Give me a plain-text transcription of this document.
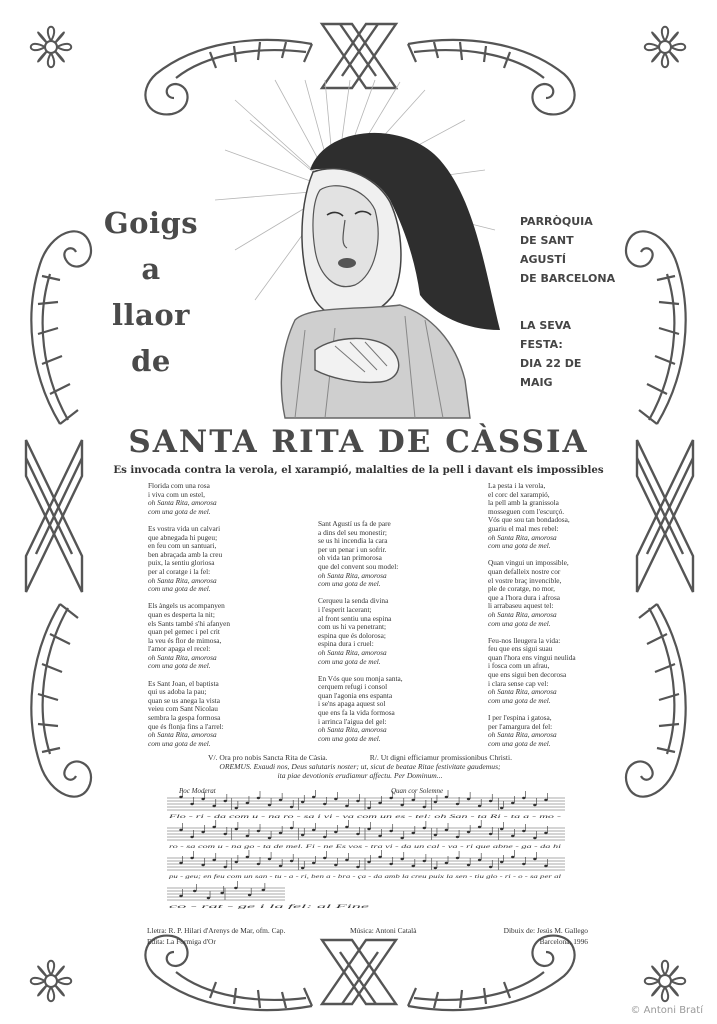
Goigs
a
llaor
de
PARRÒQUIA
DE SANT
AGUSTÍ
DE BARCELONA
LA SEVA FESTA:
DIA 22 DE MAIG
SANTA RITA DE CÀSSIA
Es invocada contra la verola, el xarampió, malalties de la pell i davant els impossibles
Florida com una rosa
i viva com un estel,
oh Santa Rita, amorosa
com una gota de mel.
Es vostra vida un calvari
que abnegada hi pugeu;
en feu com un santuari,
ben abraçada amb la creu
puix, la sentiu gloriosa
per al coratge i la fel:
oh Santa Rita, amorosa
com una gota de mel.
Els àngels us acompanyen
quan es desperta la nit;
els Sants també s'hi afanyen
quan pel gemec i pel crit
la veu és flor de mimosa,
l'amor apaga el recel:
oh Santa Rita, amorosa
com una gota de mel.
Es Sant Joan, el baptista
qui us adoba la pau;
quan se us anega la vista
veieu com Sant Nicolau
sembra la gespa formosa
que és flonja fins a l'arrel:
oh Santa Rita, amorosa
com una gota de mel.
Sant Agustí us fa de pare
a dins del seu monestir;
se us hi incendia la cara
per un penar i un sofrir.
oh vida tan primorosa
que del convent sou model:
oh Santa Rita, amorosa
com una gota de mel.
Cerqueu la senda divina
i l'esperit lacerant;
al front sentiu una espina
com us hi va penetrant;
espina que és dolorosa;
espina dura i cruel:
oh Santa Rita, amorosa
com una gota de mel.
En Vós que sou monja santa,
cerquem refugi i consol
quan l'agonia ens espanta
i se'ns apaga aquest sol
que ens fa la vida formosa
i arrinca l'aigua del gel:
oh Santa Rita, amorosa
com una gota de mel.
La pesta i la verola,
el corc del xarampió,
la pell amb la granissola
mosseguen com l'escurçó.
Vós que sou tan bondadosa,
guariu el mal mes rebel:
oh Santa Rita, amorosa
com una gota de mel.
Quan vingui un impossible,
quan defalleix nostre cor
el vostre braç invencible,
ple de coratge, no mor,
que a l'hora dura i afrosa
li arrabaseu aquest tel:
oh Santa Rita, amorosa
com una gota de mel.
Feu-nos lleugera la vida:
feu que ens sigui suau
quan l'hora ens vingui neulida
i fosca com un afrau,
que ens sigui ben decorosa
i clara sense cap vel:
oh Santa Rita, amorosa
com una gota de mel.
I per l'espina i gatosa,
per l'amargura del fel:
oh Santa Rita, amorosa
com una gota de mel.
V/. Ora pro nobis Sancta Rita de Càsia.	R/. Ut digni efficiamur promissionibus Christi.
OREMUS. Exaudi nos, Deus salutaris noster; ut, sicut de beatae Ritae festivitate gaudemus;
ita piae devotionis erudiamur affectu. Per Dominum...
Poc Moderat	Quan cor Solemne
Flo - ri - da com u - na ro - sa i vi - va com un es - tel: oh San - ta Ri - ta a - mo -
ro - sa com u - na go - ta de mel. Fi - ne Es vos - tra vi - da un cal - va - ri que abne - ga - da hi
pu - geu; en feu com un san - tu - a - ri, ben a - bra - ça - da amb la creu puix la sen - tiu glo - ri - o - sa per al
co - rat - ge i la fel: al Fine
Lletra: R. P. Hilari d'Arenys de Mar, ofm. Cap.
Edita: La Formiga d'Or
Música: Antoni Català	Dibuix de: Jesús M. Gallego
Barcelona, 1996
© Antoni Bratí
